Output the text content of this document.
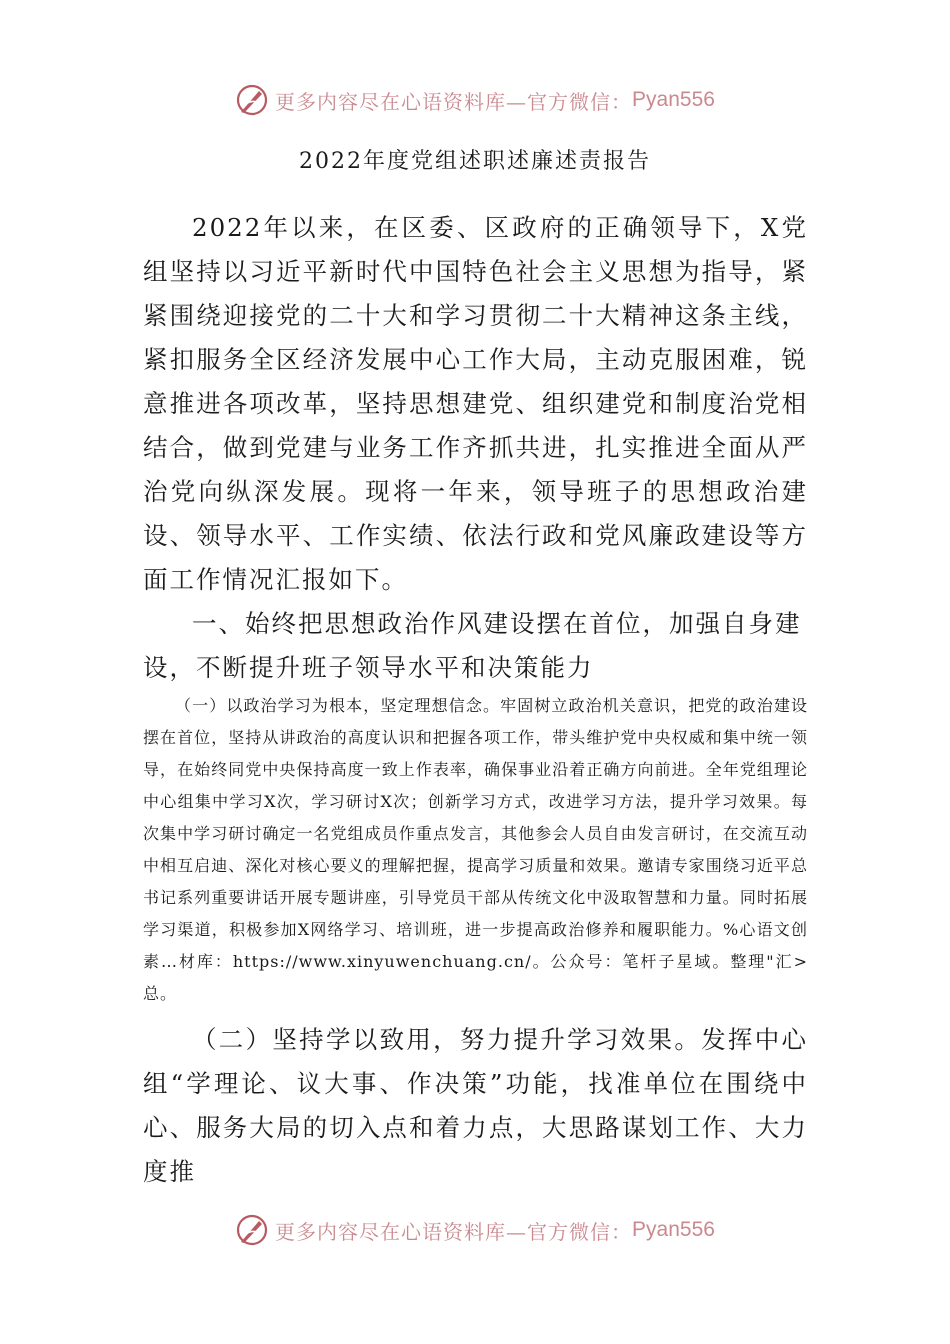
更多内容尽在心语资料库—官方微信： Pyan556
2022年度党组述职述廉述责报告

2022年以来，在区委、区政府的正确领导下，X党组坚持以习近平新时代中国特色社会主义思想为指导，紧紧围绕迎接党的二十大和学习贯彻二十大精神这条主线，紧扣服务全区经济发展中心工作大局，主动克服困难，锐意推进各项改革，坚持思想建党、组织建党和制度治党相结合，做到党建与业务工作齐抓共进，扎实推进全面从严治党向纵深发展。现将一年来，领导班子的思想政治建设、领导水平、工作实绩、依法行政和党风廉政建设等方面工作情况汇报如下。

一、始终把思想政治作风建设摆在首位，加强自身建设，不断提升班子领导水平和决策能力

（一）以政治学习为根本，坚定理想信念。牢固树立政治机关意识，把党的政治建设摆在首位，坚持从讲政治的高度认识和把握各项工作，带头维护党中央权威和集中统一领导，在始终同党中央保持高度一致上作表率，确保事业沿着正确方向前进。全年党组理论中心组集中学习X次，学习研讨X次；创新学习方式，改进学习方法，提升学习效果。每次集中学习研讨确定一名党组成员作重点发言，其他参会人员自由发言研讨，在交流互动中相互启迪、深化对核心要义的理解把握，提高学习质量和效果。邀请专家围绕习近平总书记系列重要讲话开展专题讲座，引导党员干部从传统文化中汲取智慧和力量。同时拓展学习渠道，积极参加X网络学习、培训班，进一步提高政治修养和履职能力。%心语文创素…材库：https://www.xinyuwenchuang.cn/。公众号：笔杆子星域。整理"汇>总。

（二）坚持学以致用，努力提升学习效果。发挥中心组“学理论、议大事、作决策”功能，找准单位在围绕中心、服务大局的切入点和着力点，大思路谋划工作、大力度推

更多内容尽在心语资料库—官方微信： Pyan556
